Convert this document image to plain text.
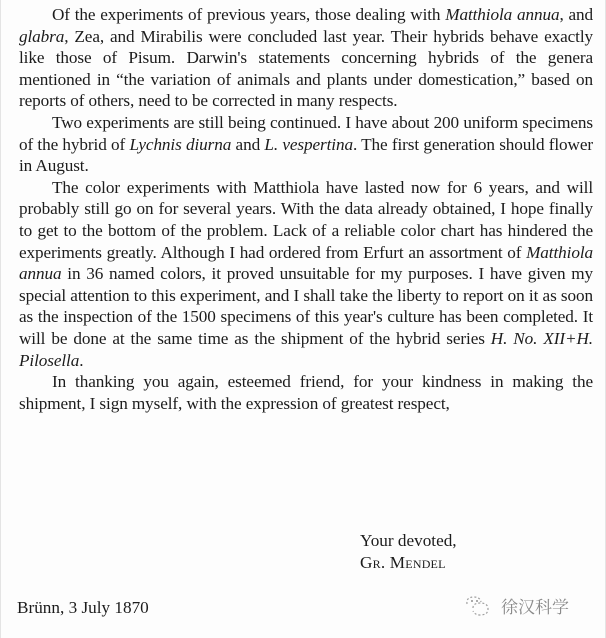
Of the experiments of previous years, those dealing with Matthiola annua, and glabra, Zea, and Mirabilis were concluded last year. Their hybrids behave exactly like those of Pisum. Darwin's statements concerning hybrids of the genera mentioned in “the variation of animals and plants under domestication,” based on reports of others, need to be corrected in many respects.

Two experiments are still being continued. I have about 200 uniform specimens of the hybrid of Lychnis diurna and L. vespertina. The first generation should flower in August.

The color experiments with Matthiola have lasted now for 6 years, and will probably still go on for several years. With the data already obtained, I hope finally to get to the bottom of the problem. Lack of a reliable color chart has hindered the experiments greatly. Although I had ordered from Erfurt an assortment of Matthiola annua in 36 named colors, it proved unsuitable for my purposes. I have given my special attention to this experiment, and I shall take the liberty to report on it as soon as the inspection of the 1500 specimens of this year's culture has been completed. It will be done at the same time as the shipment of the hybrid series H. No. XII+H. Pilosella.

In thanking you again, esteemed friend, for your kindness in making the shipment, I sign myself, with the expression of greatest respect,

Your devoted,
Gr. Mendel
Brünn, 3 July 1870	徐汉科学
